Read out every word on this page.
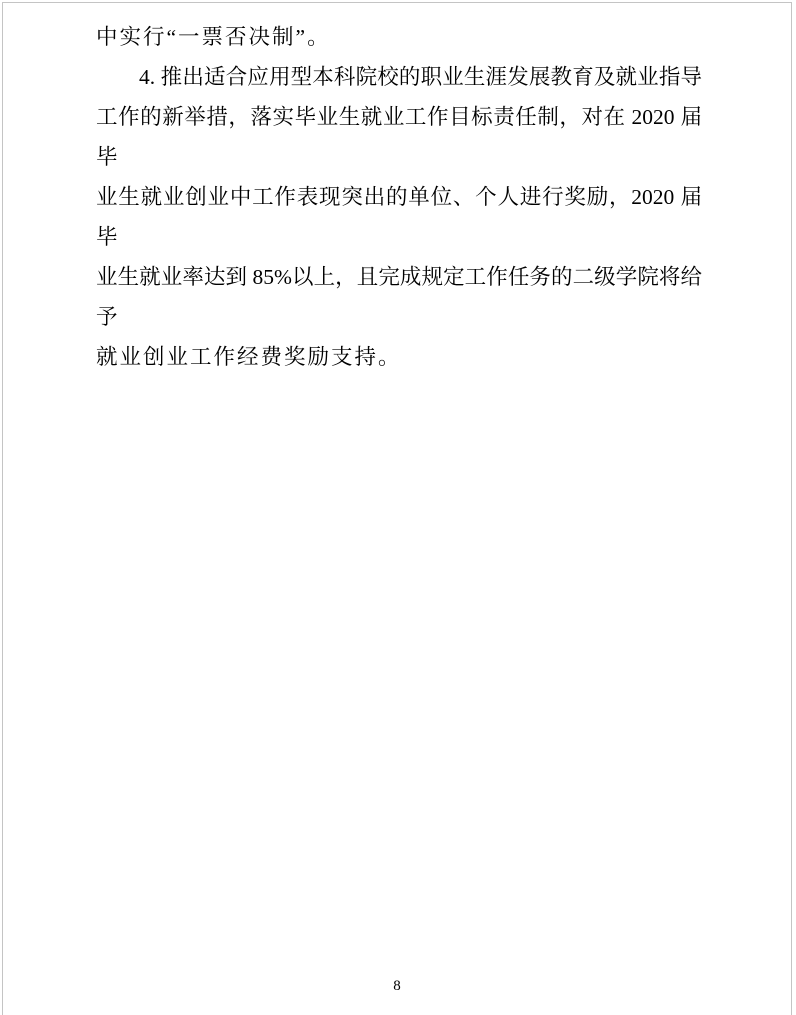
中实行“一票否决制”。
4. 推出适合应用型本科院校的职业生涯发展教育及就业指导
工作的新举措，落实毕业生就业工作目标责任制，对在 2020 届毕
业生就业创业中工作表现突出的单位、个人进行奖励，2020 届毕
业生就业率达到 85%以上，且完成规定工作任务的二级学院将给予
就业创业工作经费奖励支持。
8
